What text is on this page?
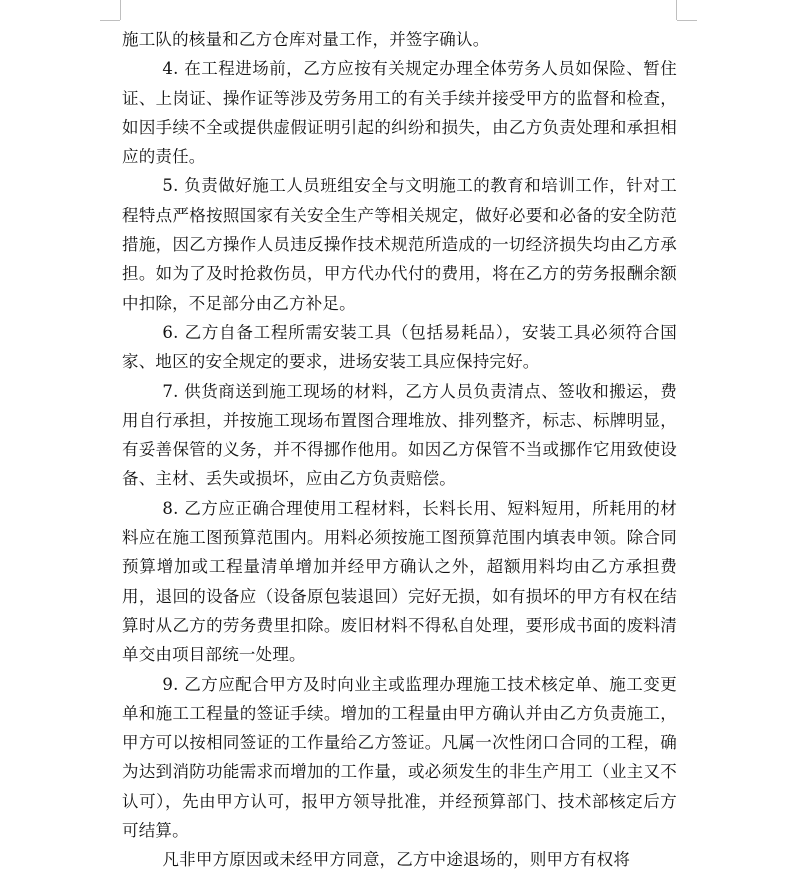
施工队的核量和乙方仓库对量工作，并签字确认。

4. 在工程进场前，乙方应按有关规定办理全体劳务人员如保险、暂住证、上岗证、操作证等涉及劳务用工的有关手续并接受甲方的监督和检查，如因手续不全或提供虚假证明引起的纠纷和损失，由乙方负责处理和承担相应的责任。

5. 负责做好施工人员班组安全与文明施工的教育和培训工作，针对工程特点严格按照国家有关安全生产等相关规定，做好必要和必备的安全防范措施，因乙方操作人员违反操作技术规范所造成的一切经济损失均由乙方承担。如为了及时抢救伤员，甲方代办代付的费用，将在乙方的劳务报酬余额中扣除，不足部分由乙方补足。

6. 乙方自备工程所需安装工具（包括易耗品），安装工具必须符合国家、地区的安全规定的要求，进场安装工具应保持完好。

7. 供货商送到施工现场的材料，乙方人员负责清点、签收和搬运，费用自行承担，并按施工现场布置图合理堆放、排列整齐，标志、标牌明显，有妥善保管的义务，并不得挪作他用。如因乙方保管不当或挪作它用致使设备、主材、丢失或损坏，应由乙方负责赔偿。

8. 乙方应正确合理使用工程材料，长料长用、短料短用，所耗用的材料应在施工图预算范围内。用料必须按施工图预算范围内填表申领。除合同预算增加或工程量清单增加并经甲方确认之外，超额用料均由乙方承担费用，退回的设备应（设备原包装退回）完好无损，如有损坏的甲方有权在结算时从乙方的劳务费里扣除。废旧材料不得私自处理，要形成书面的废料清单交由项目部统一处理。

9. 乙方应配合甲方及时向业主或监理办理施工技术核定单、施工变更单和施工工程量的签证手续。增加的工程量由甲方确认并由乙方负责施工，甲方可以按相同签证的工作量给乙方签证。凡属一次性闭口合同的工程，确为达到消防功能需求而增加的工作量，或必须发生的非生产用工（业主又不认可），先由甲方认可，报甲方领导批准，并经预算部门、技术部核定后方可结算。

凡非甲方原因或未经甲方同意，乙方中途退场的，则甲方有权将
